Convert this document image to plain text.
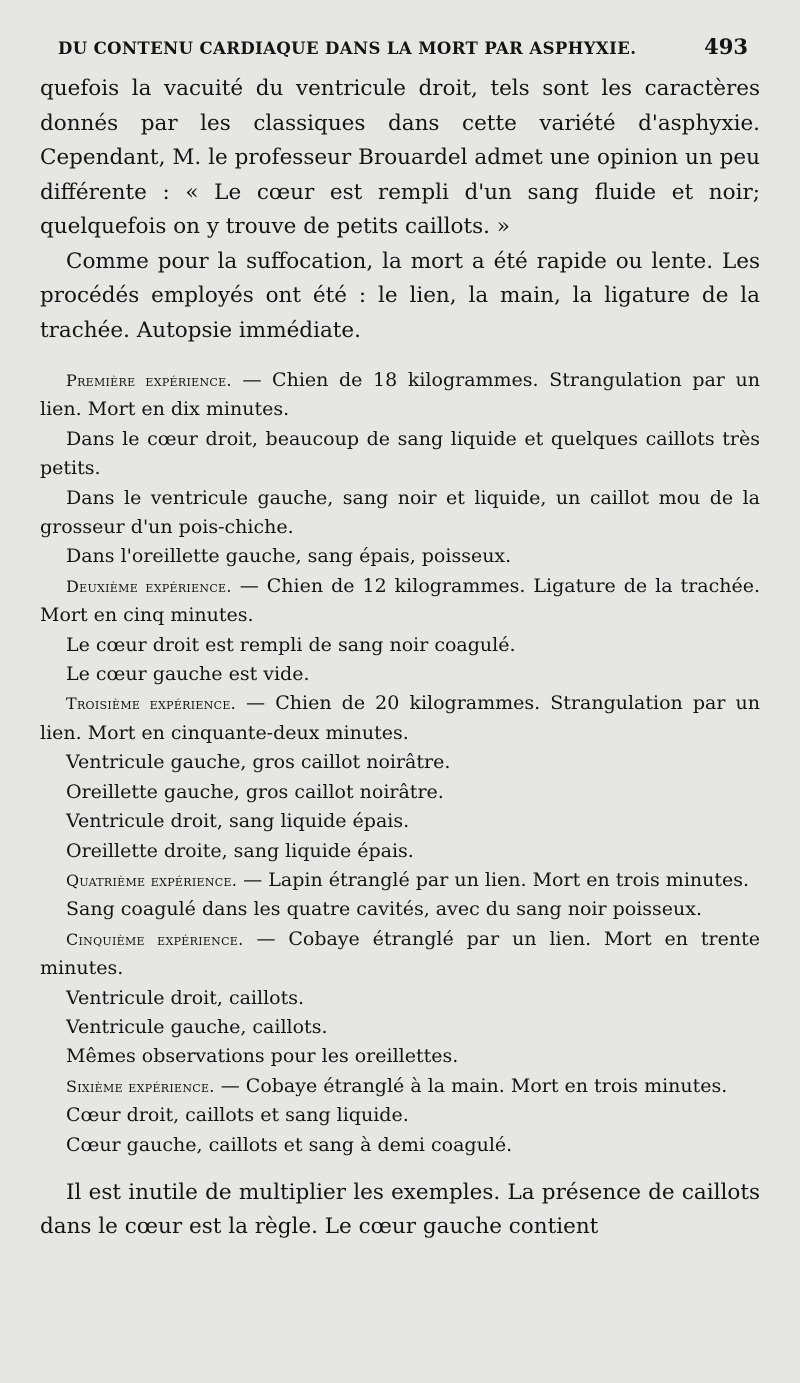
DU CONTENU CARDIAQUE DANS LA MORT PAR ASPHYXIE.	493

quefois la vacuité du ventricule droit, tels sont les caractères donnés par les classiques dans cette variété d'asphyxie. Cependant, M. le professeur Brouardel admet une opinion un peu différente : « Le cœur est rempli d'un sang fluide et noir; quelquefois on y trouve de petits caillots. »

Comme pour la suffocation, la mort a été rapide ou lente. Les procédés employés ont été : le lien, la main, la ligature de la trachée. Autopsie immédiate.

Première expérience. — Chien de 18 kilogrammes. Strangulation par un lien. Mort en dix minutes.

Dans le cœur droit, beaucoup de sang liquide et quelques caillots très petits.

Dans le ventricule gauche, sang noir et liquide, un caillot mou de la grosseur d'un pois-chiche.

Dans l'oreillette gauche, sang épais, poisseux.

Deuxième expérience. — Chien de 12 kilogrammes. Ligature de la trachée. Mort en cinq minutes.

Le cœur droit est rempli de sang noir coagulé.

Le cœur gauche est vide.

Troisième expérience. — Chien de 20 kilogrammes. Strangulation par un lien. Mort en cinquante-deux minutes.

Ventricule gauche, gros caillot noirâtre.

Oreillette gauche, gros caillot noirâtre.

Ventricule droit, sang liquide épais.

Oreillette droite, sang liquide épais.

Quatrième expérience. — Lapin étranglé par un lien. Mort en trois minutes.

Sang coagulé dans les quatre cavités, avec du sang noir poisseux.

Cinquième expérience. — Cobaye étranglé par un lien. Mort en trente minutes.

Ventricule droit, caillots.

Ventricule gauche, caillots.

Mêmes observations pour les oreillettes.

Sixième expérience. — Cobaye étranglé à la main. Mort en trois minutes.

Cœur droit, caillots et sang liquide.

Cœur gauche, caillots et sang à demi coagulé.

Il est inutile de multiplier les exemples. La présence de caillots dans le cœur est la règle. Le cœur gauche contient
